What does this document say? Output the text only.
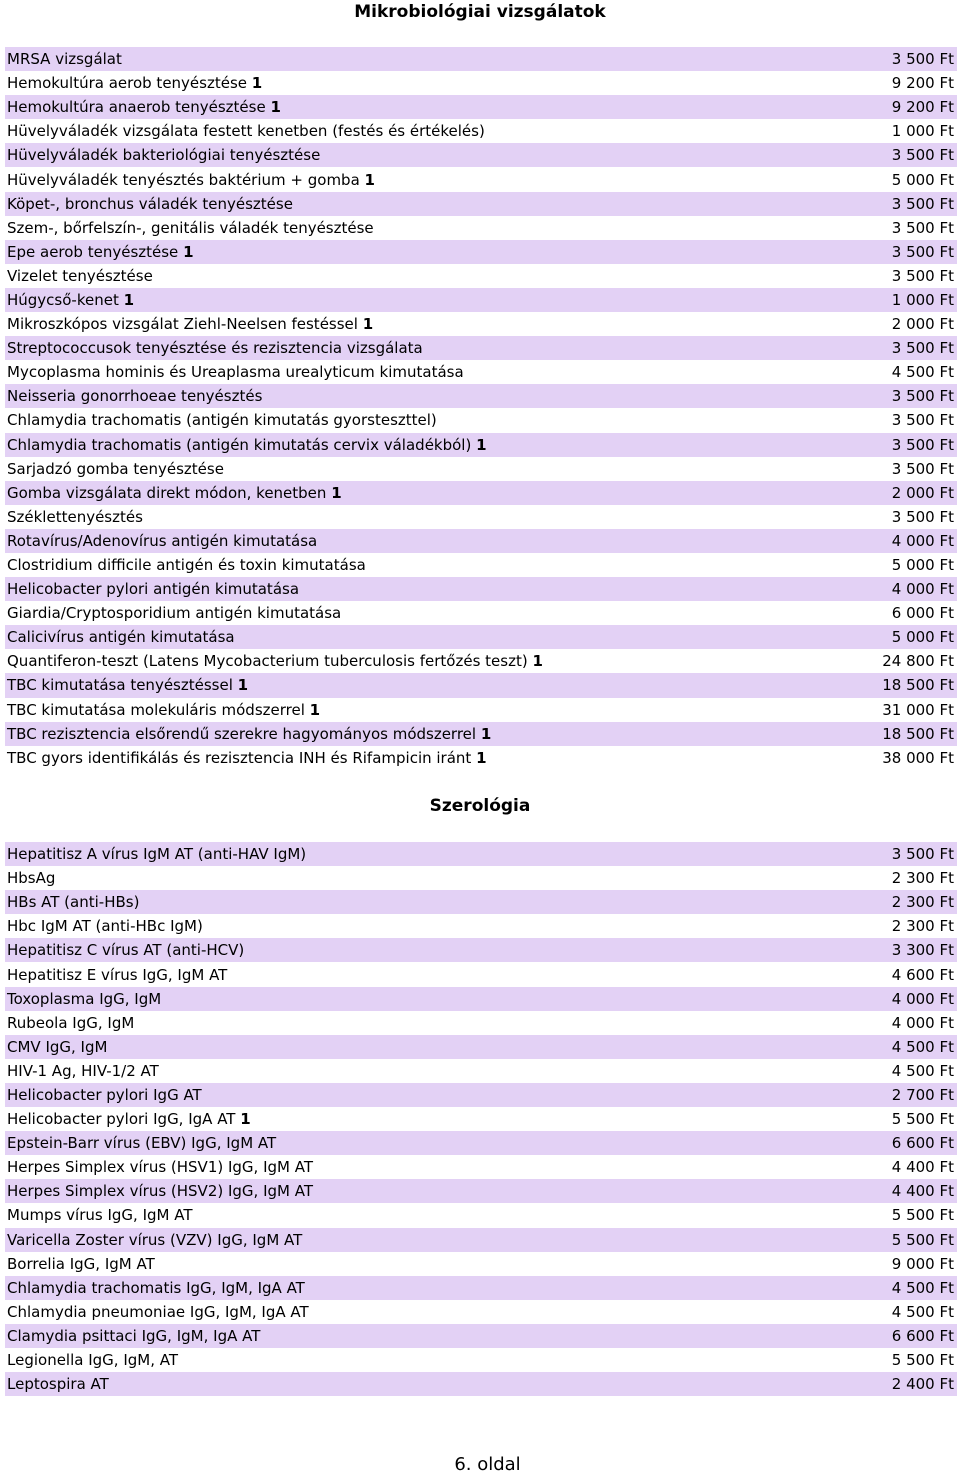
Mikrobiológiai vizsgálatok
MRSA vizsgálat	3 500 Ft
Hemokultúra aerob tenyésztése 1	9 200 Ft
Hemokultúra anaerob tenyésztése 1	9 200 Ft
Hüvelyváladék vizsgálata festett kenetben (festés és értékelés)	1 000 Ft
Hüvelyváladék bakteriológiai tenyésztése	3 500 Ft
Hüvelyváladék tenyésztés baktérium + gomba 1	5 000 Ft
Köpet-, bronchus váladék tenyésztése	3 500 Ft
Szem-, bőrfelszín-, genitális váladék tenyésztése	3 500 Ft
Epe aerob tenyésztése 1	3 500 Ft
Vizelet tenyésztése	3 500 Ft
Húgycső-kenet 1	1 000 Ft
Mikroszkópos vizsgálat Ziehl-Neelsen festéssel 1	2 000 Ft
Streptococcusok tenyésztése és rezisztencia vizsgálata	3 500 Ft
Mycoplasma hominis és Ureaplasma urealyticum kimutatása	4 500 Ft
Neisseria gonorrhoeae tenyésztés	3 500 Ft
Chlamydia trachomatis (antigén kimutatás gyorsteszttel)	3 500 Ft
Chlamydia trachomatis (antigén kimutatás cervix váladékból) 1	3 500 Ft
Sarjadzó gomba tenyésztése	3 500 Ft
Gomba vizsgálata direkt módon, kenetben 1	2 000 Ft
Széklettenyésztés	3 500 Ft
Rotavírus/Adenovírus antigén kimutatása	4 000 Ft
Clostridium difficile antigén és toxin kimutatása	5 000 Ft
Helicobacter pylori antigén kimutatása	4 000 Ft
Giardia/Cryptosporidium antigén kimutatása	6 000 Ft
Calicivírus antigén kimutatása	5 000 Ft
Quantiferon-teszt (Latens Mycobacterium tuberculosis fertőzés teszt) 1	24 800 Ft
TBC kimutatása tenyésztéssel 1	18 500 Ft
TBC kimutatása molekuláris módszerrel 1	31 000 Ft
TBC rezisztencia elsőrendű szerekre hagyományos módszerrel 1	18 500 Ft
TBC gyors identifikálás és rezisztencia INH és Rifampicin iránt 1	38 000 Ft
Szerológia
Hepatitisz A vírus IgM AT (anti-HAV IgM)	3 500 Ft
HbsAg	2 300 Ft
HBs AT (anti-HBs)	2 300 Ft
Hbc IgM AT (anti-HBc IgM)	2 300 Ft
Hepatitisz C vírus AT (anti-HCV)	3 300 Ft
Hepatitisz E vírus IgG, IgM AT	4 600 Ft
Toxoplasma IgG, IgM	4 000 Ft
Rubeola IgG, IgM	4 000 Ft
CMV IgG, IgM	4 500 Ft
HIV-1 Ag, HIV-1/2 AT	4 500 Ft
Helicobacter pylori IgG AT	2 700 Ft
Helicobacter pylori IgG, IgA AT 1	5 500 Ft
Epstein-Barr vírus (EBV) IgG, IgM AT	6 600 Ft
Herpes Simplex vírus (HSV1) IgG, IgM AT	4 400 Ft
Herpes Simplex vírus (HSV2) IgG, IgM AT	4 400 Ft
Mumps vírus IgG, IgM AT	5 500 Ft
Varicella Zoster vírus (VZV) IgG, IgM AT	5 500 Ft
Borrelia IgG, IgM AT	9 000 Ft
Chlamydia trachomatis IgG, IgM, IgA AT	4 500 Ft
Chlamydia pneumoniae IgG, IgM, IgA AT	4 500 Ft
Clamydia psittaci IgG, IgM, IgA AT	6 600 Ft
Legionella IgG, IgM, AT	5 500 Ft
Leptospira AT	2 400 Ft
6. oldal
